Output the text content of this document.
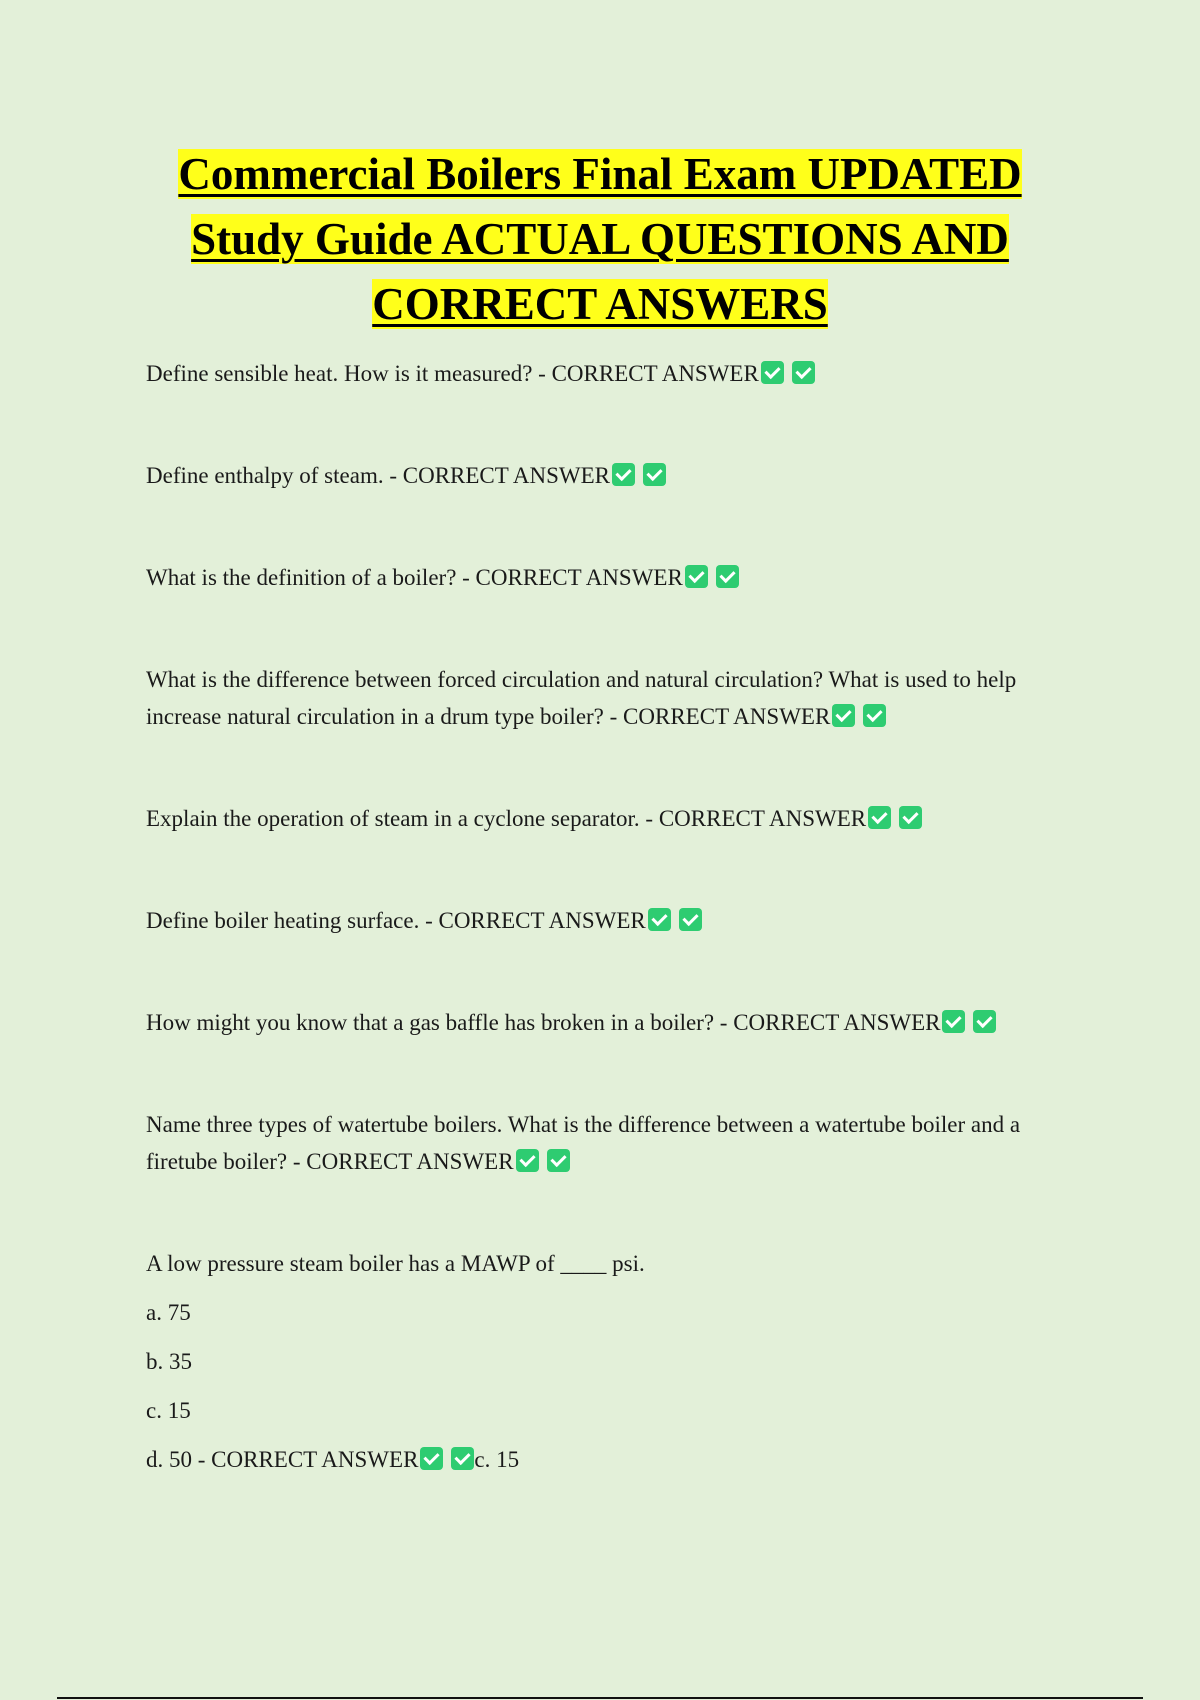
Commercial Boilers Final Exam UPDATED Study Guide ACTUAL QUESTIONS AND CORRECT ANSWERS
Define sensible heat. How is it measured? - CORRECT ANSWER
Define enthalpy of steam. - CORRECT ANSWER
What is the definition of a boiler? - CORRECT ANSWER
What is the difference between forced circulation and natural circulation? What is used to help increase natural circulation in a drum type boiler? - CORRECT ANSWER
Explain the operation of steam in a cyclone separator. - CORRECT ANSWER
Define boiler heating surface. - CORRECT ANSWER
How might you know that a gas baffle has broken in a boiler? - CORRECT ANSWER
Name three types of watertube boilers. What is the difference between a watertube boiler and a firetube boiler? - CORRECT ANSWER

A low pressure steam boiler has a MAWP of ____ psi.

a. 75

b. 35

c. 15

d. 50 - CORRECT ANSWER c. 15
